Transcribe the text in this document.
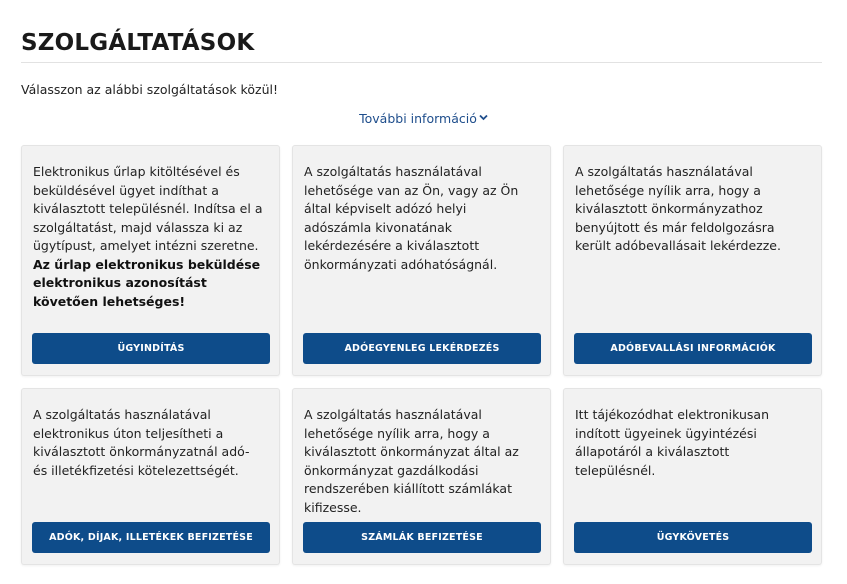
SZOLGÁLTATÁSOK

Válasszon az alábbi szolgáltatások közül!

További információ

Elektronikus űrlap kitöltésével és beküldésével ügyet indíthat a kiválasztott településnél. Indítsa el a szolgáltatást, majd válassza ki az ügytípust, amelyet intézni szeretne. Az űrlap elektronikus beküldése elektronikus azonosítást követően lehetséges!

ÜGYINDÍTÁS

A szolgáltatás használatával lehetősége van az Ön, vagy az Ön által képviselt adózó helyi adószámla kivonatának lekérdezésére a kiválasztott önkormányzati adóhatóságnál.

ADÓEGYENLEG LEKÉRDEZÉS

A szolgáltatás használatával lehetősége nyílik arra, hogy a kiválasztott önkormányzathoz benyújtott és már feldolgozásra került adóbevallásait lekérdezze.

ADÓBEVALLÁSI INFORMÁCIÓK

A szolgáltatás használatával elektronikus úton teljesítheti a kiválasztott önkormányzatnál adó- és illetékfizetési kötelezettségét.

ADÓK, DÍJAK, ILLETÉKEK BEFIZETÉSE

A szolgáltatás használatával lehetősége nyílik arra, hogy a kiválasztott önkormányzat által az önkormányzat gazdálkodási rendszerében kiállított számlákat kifizesse.

SZÁMLÁK BEFIZETÉSE

Itt tájékozódhat elektronikusan indított ügyeinek ügyintézési állapotáról a kiválasztott településnél.

ÜGYKÖVETÉS
